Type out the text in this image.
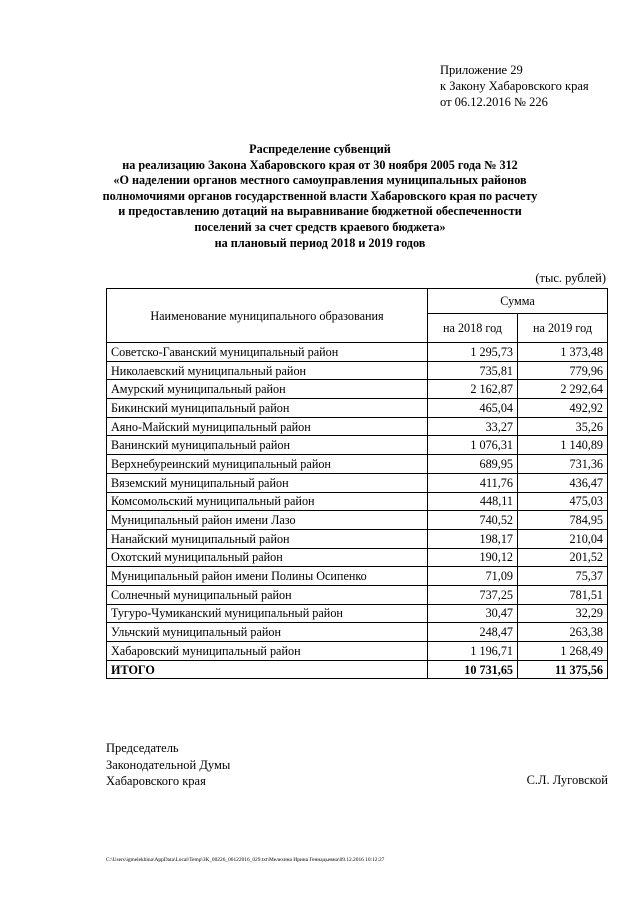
Приложение 29
к Закону Хабаровского края
от 06.12.2016 № 226
Распределение субвенций
на реализацию Закона Хабаровского края от 30 ноября 2005 года № 312
«О наделении органов местного самоуправления муниципальных районов
полномочиями органов государственной власти Хабаровского края по расчету
и предоставлению дотаций на выравнивание бюджетной обеспеченности
поселений за счет средств краевого бюджета»
на плановый период 2018 и 2019 годов
(тыс. рублей)
Наименование муниципального образования	Сумма	
	на 2018 год	на 2019 год
Советско-Гаванский муниципальный район	1 295,73	1 373,48
Николаевский муниципальный район	735,81	779,96
Амурский муниципальный район	2 162,87	2 292,64
Бикинский муниципальный район	465,04	492,92
Аяно-Майский муниципальный район	33,27	35,26
Ванинский муниципальный район	1 076,31	1 140,89
Верхнебуреинский муниципальный район	689,95	731,36
Вяземский муниципальный район	411,76	436,47
Комсомольский муниципальный район	448,11	475,03
Муниципальный район имени Лазо	740,52	784,95
Нанайский муниципальный район	198,17	210,04
Охотский муниципальный район	190,12	201,52
Муниципальный район имени Полины Осипенко	71,09	75,37
Солнечный муниципальный район	737,25	781,51
Тугуро-Чумиканский муниципальный район	30,47	32,29
Ульчский муниципальный район	248,47	263,38
Хабаровский муниципальный район	1 196,71	1 268,49
ИТОГО	10 731,65	11 375,56
Председатель
Законодательной Думы
Хабаровского края	С.Л. Луговской
C:\Users\igmelekhina\AppData\Local\Temp\ЗК_00226_06122016_029.txt\Мелехина Ирина Геннадьевна\09.12.2016 10:12:27
